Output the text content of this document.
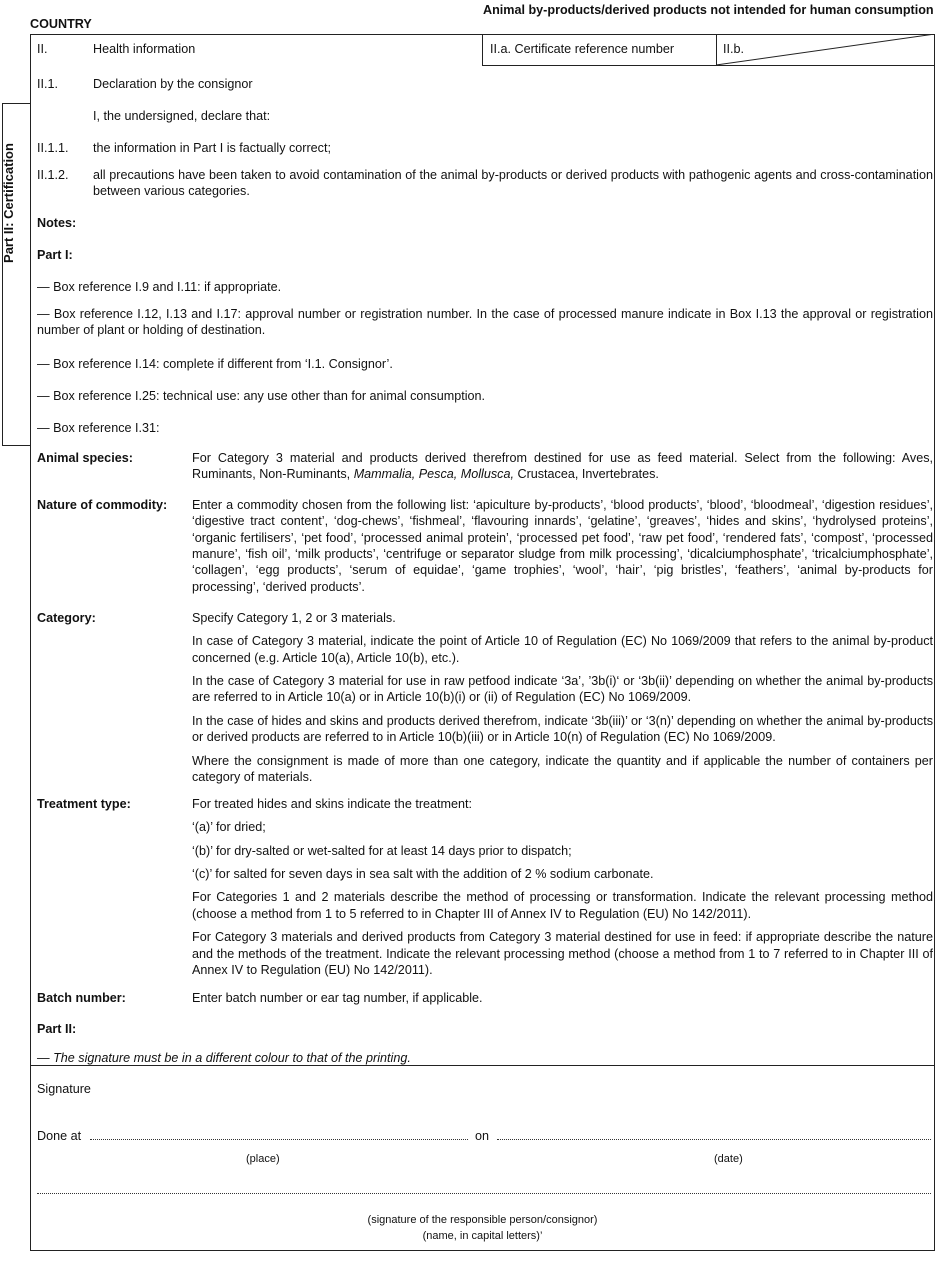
COUNTRY
Animal by-products/derived products not intended for human consumption
Part II: Certification
II.	Health information	II.a. Certificate reference number	II.b.
II.1.	Declaration by the consignor
I, the undersigned, declare that:
II.1.1. the information in Part I is factually correct;
II.1.2. all precautions have been taken to avoid contamination of the animal by-products or derived products with pathogenic agents and cross-contamination between various categories.
Notes:
Part I:
— Box reference I.9 and I.11: if appropriate.
— Box reference I.12, I.13 and I.17: approval number or registration number. In the case of processed manure indicate in Box I.13 the approval or registration number of plant or holding of destination.
— Box reference I.14: complete if different from ‘I.1. Consignor’.
— Box reference I.25: technical use: any use other than for animal consumption.
— Box reference I.31:
Animal species:	For Category 3 material and products derived therefrom destined for use as feed material. Select from the following: Aves, Ruminants, Non-Ruminants, Mammalia, Pesca, Mollusca, Crustacea, Invertebrates.
Nature of commodity: Enter a commodity chosen from the following list: ‘apiculture by-products’, ‘blood products’, ‘blood’, ‘bloodmeal’, ‘digestion residues’, ‘digestive tract content’, ‘dog-chews’, ‘fishmeal’, ‘flavouring innards’, ‘gelatine’, ‘greaves’, ‘hides and skins’, ‘hydrolysed proteins’, ‘organic fertilisers’, ‘pet food’, ‘processed animal protein’, ‘processed pet food’, ‘raw pet food’, ‘rendered fats’, ‘compost’, ‘processed manure’, ‘fish oil’, ‘milk products’, ‘centrifuge or separator sludge from milk processing’, ‘dicalciumphosphate’, ‘tricalciumphosphate’, ‘collagen’, ‘egg products’, ‘serum of equidae’, ‘game trophies’, ‘wool’, ‘hair’, ‘pig bristles’, ‘feathers’, ‘animal by-products for processing’, ‘derived products’.
Category:	Specify Category 1, 2 or 3 materials.

In case of Category 3 material, indicate the point of Article 10 of Regulation (EC) No 1069/2009 that refers to the animal by-product concerned (e.g. Article 10(a), Article 10(b), etc.).

In the case of Category 3 material for use in raw petfood indicate ‘3a’, ’3b(i)‘ or ‘3b(ii)’ depending on whether the animal by-products are referred to in Article 10(a) or in Article 10(b)(i) or (ii) of Regulation (EC) No 1069/2009.

In the case of hides and skins and products derived therefrom, indicate ‘3b(iii)’ or ‘3(n)’ depending on whether the animal by-products or derived products are referred to in Article 10(b)(iii) or in Article 10(n) of Regulation (EC) No 1069/2009.

Where the consignment is made of more than one category, indicate the quantity and if applicable the number of containers per category of materials.

Treatment type:	For treated hides and skins indicate the treatment:

‘(a)’ for dried;

‘(b)’ for dry-salted or wet-salted for at least 14 days prior to dispatch;

‘(c)’ for salted for seven days in sea salt with the addition of 2 % sodium carbonate.

For Categories 1 and 2 materials describe the method of processing or transformation. Indicate the relevant processing method (choose a method from 1 to 5 referred to in Chapter III of Annex IV to Regulation (EU) No 142/2011).

For Category 3 materials and derived products from Category 3 material destined for use in feed: if appropriate describe the nature and the methods of the treatment. Indicate the relevant processing method (choose a method from 1 to 7 referred to in Chapter III of Annex IV to Regulation (EU) No 142/2011).

Batch number:	Enter batch number or ear tag number, if applicable.
Part II:
— The signature must be in a different colour to that of the printing.
Signature
Done at	on
(place)	(date)
(signature of the responsible person/consignor)
(name, in capital letters)’
